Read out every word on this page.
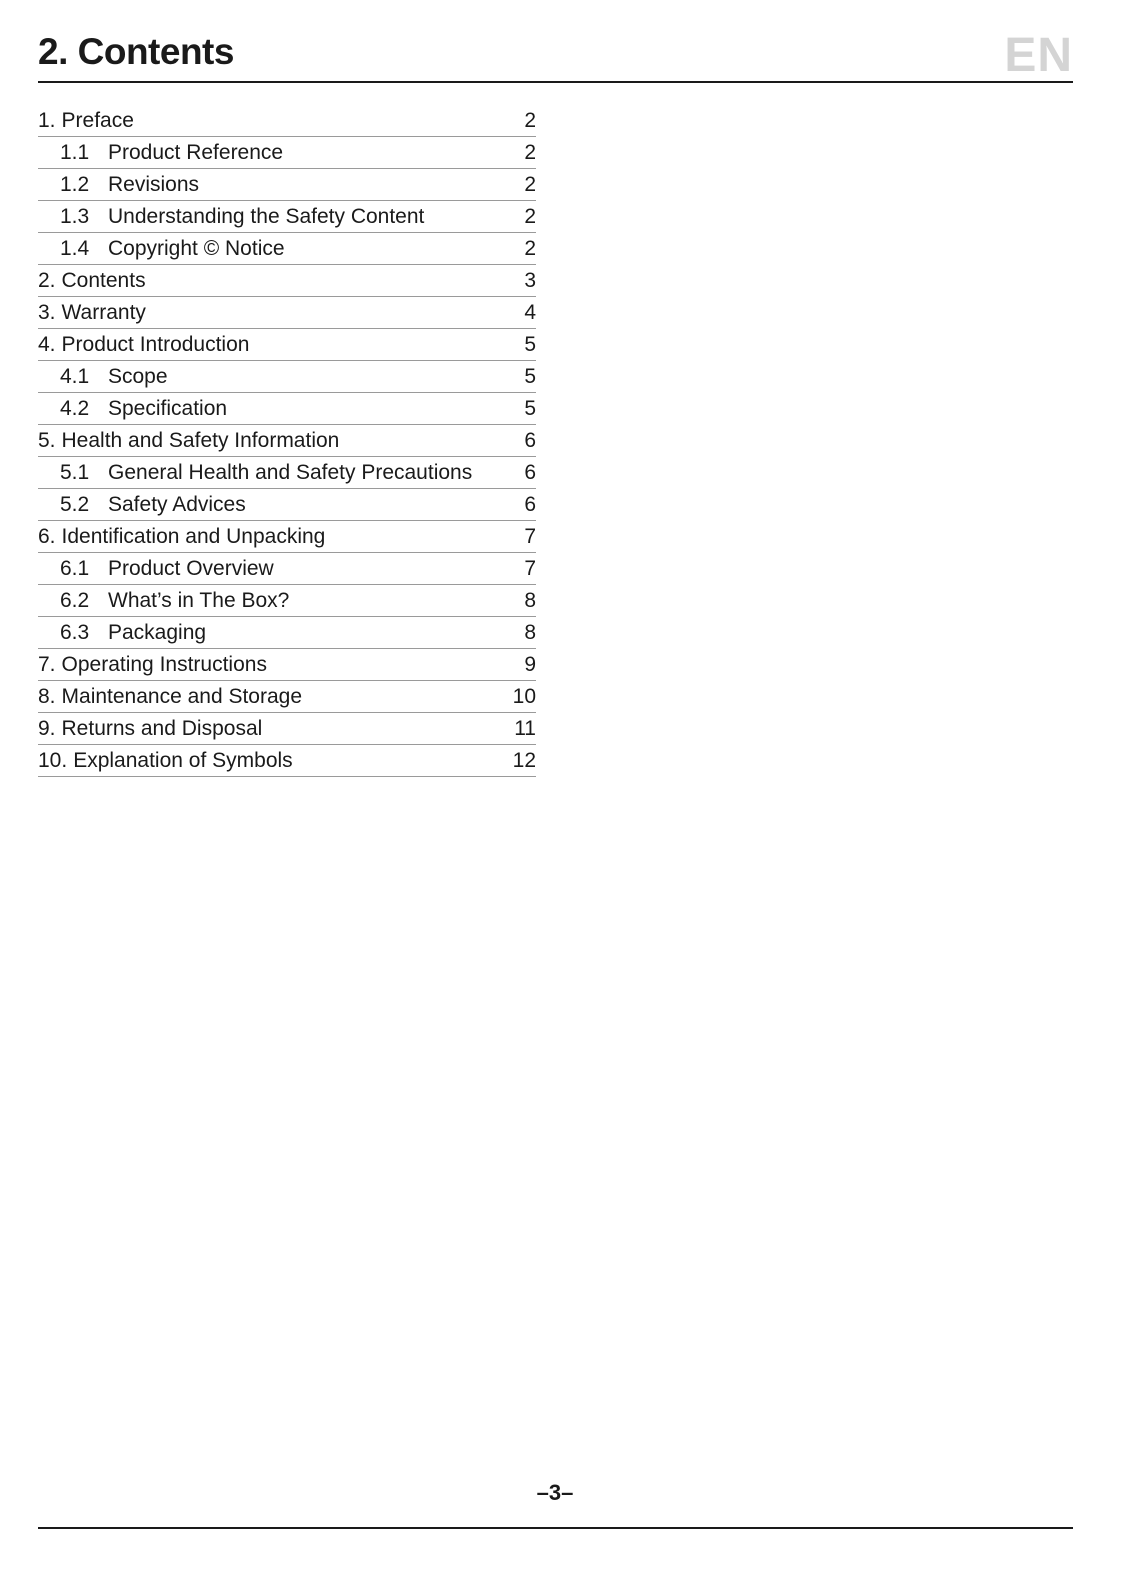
2. Contents	EN
1. Preface	2
1.1 Product Reference	2
1.2 Revisions	2
1.3 Understanding the Safety Content	2
1.4 Copyright © Notice	2
2. Contents	3
3. Warranty	4
4. Product Introduction	5
4.1 Scope	5
4.2 Specification	5
5. Health and Safety Information	6
5.1 General Health and Safety Precautions 6
5.2 Safety Advices	6
6. Identification and Unpacking	7
6.1 Product Overview	7
6.2 What’s in The Box?	8
6.3 Packaging	8
7. Operating Instructions	9
8. Maintenance and Storage	10
9. Returns and Disposal	11
10. Explanation of Symbols	12
–3–
